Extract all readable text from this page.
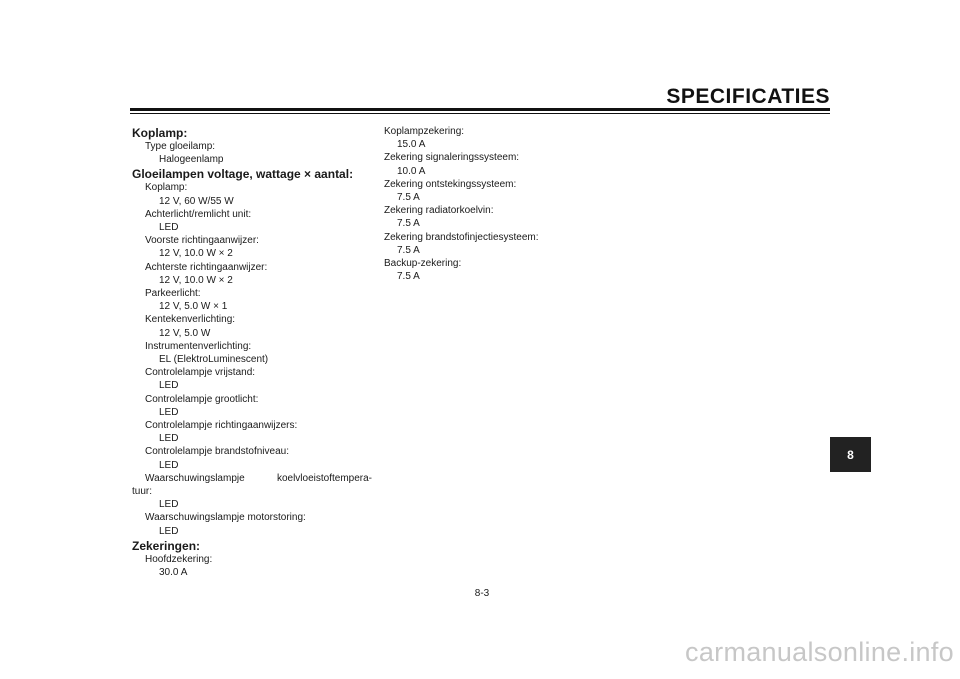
SPECIFICATIES
Koplamp:
Type gloeilamp:
Halogeenlamp
Gloeilampen voltage, wattage × aantal:
Koplamp:
12 V, 60 W/55 W
Achterlicht/remlicht unit:
LED
Voorste richtingaanwijzer:
12 V, 10.0 W × 2
Achterste richtingaanwijzer:
12 V, 10.0 W × 2
Parkeerlicht:
12 V, 5.0 W × 1
Kentekenverlichting:
12 V, 5.0 W
Instrumentenverlichting:
EL (ElektroLuminescent)
Controlelampje vrijstand:
LED
Controlelampje grootlicht:
LED
Controlelampje richtingaanwijzers:
LED
Controlelampje brandstofniveau:
LED
Waarschuwingslampje koelvloeistoftempera-
tuur:
LED
Waarschuwingslampje motorstoring:
LED
Zekeringen:
Hoofdzekering:
30.0 A
Koplampzekering:
15.0 A
Zekering signaleringssysteem:
10.0 A
Zekering ontstekingssysteem:
7.5 A
Zekering radiatorkoelvin:
7.5 A
Zekering brandstofinjectiesysteem:
7.5 A
Backup-zekering:
7.5 A
8
8-3
carmanualsonline.info
